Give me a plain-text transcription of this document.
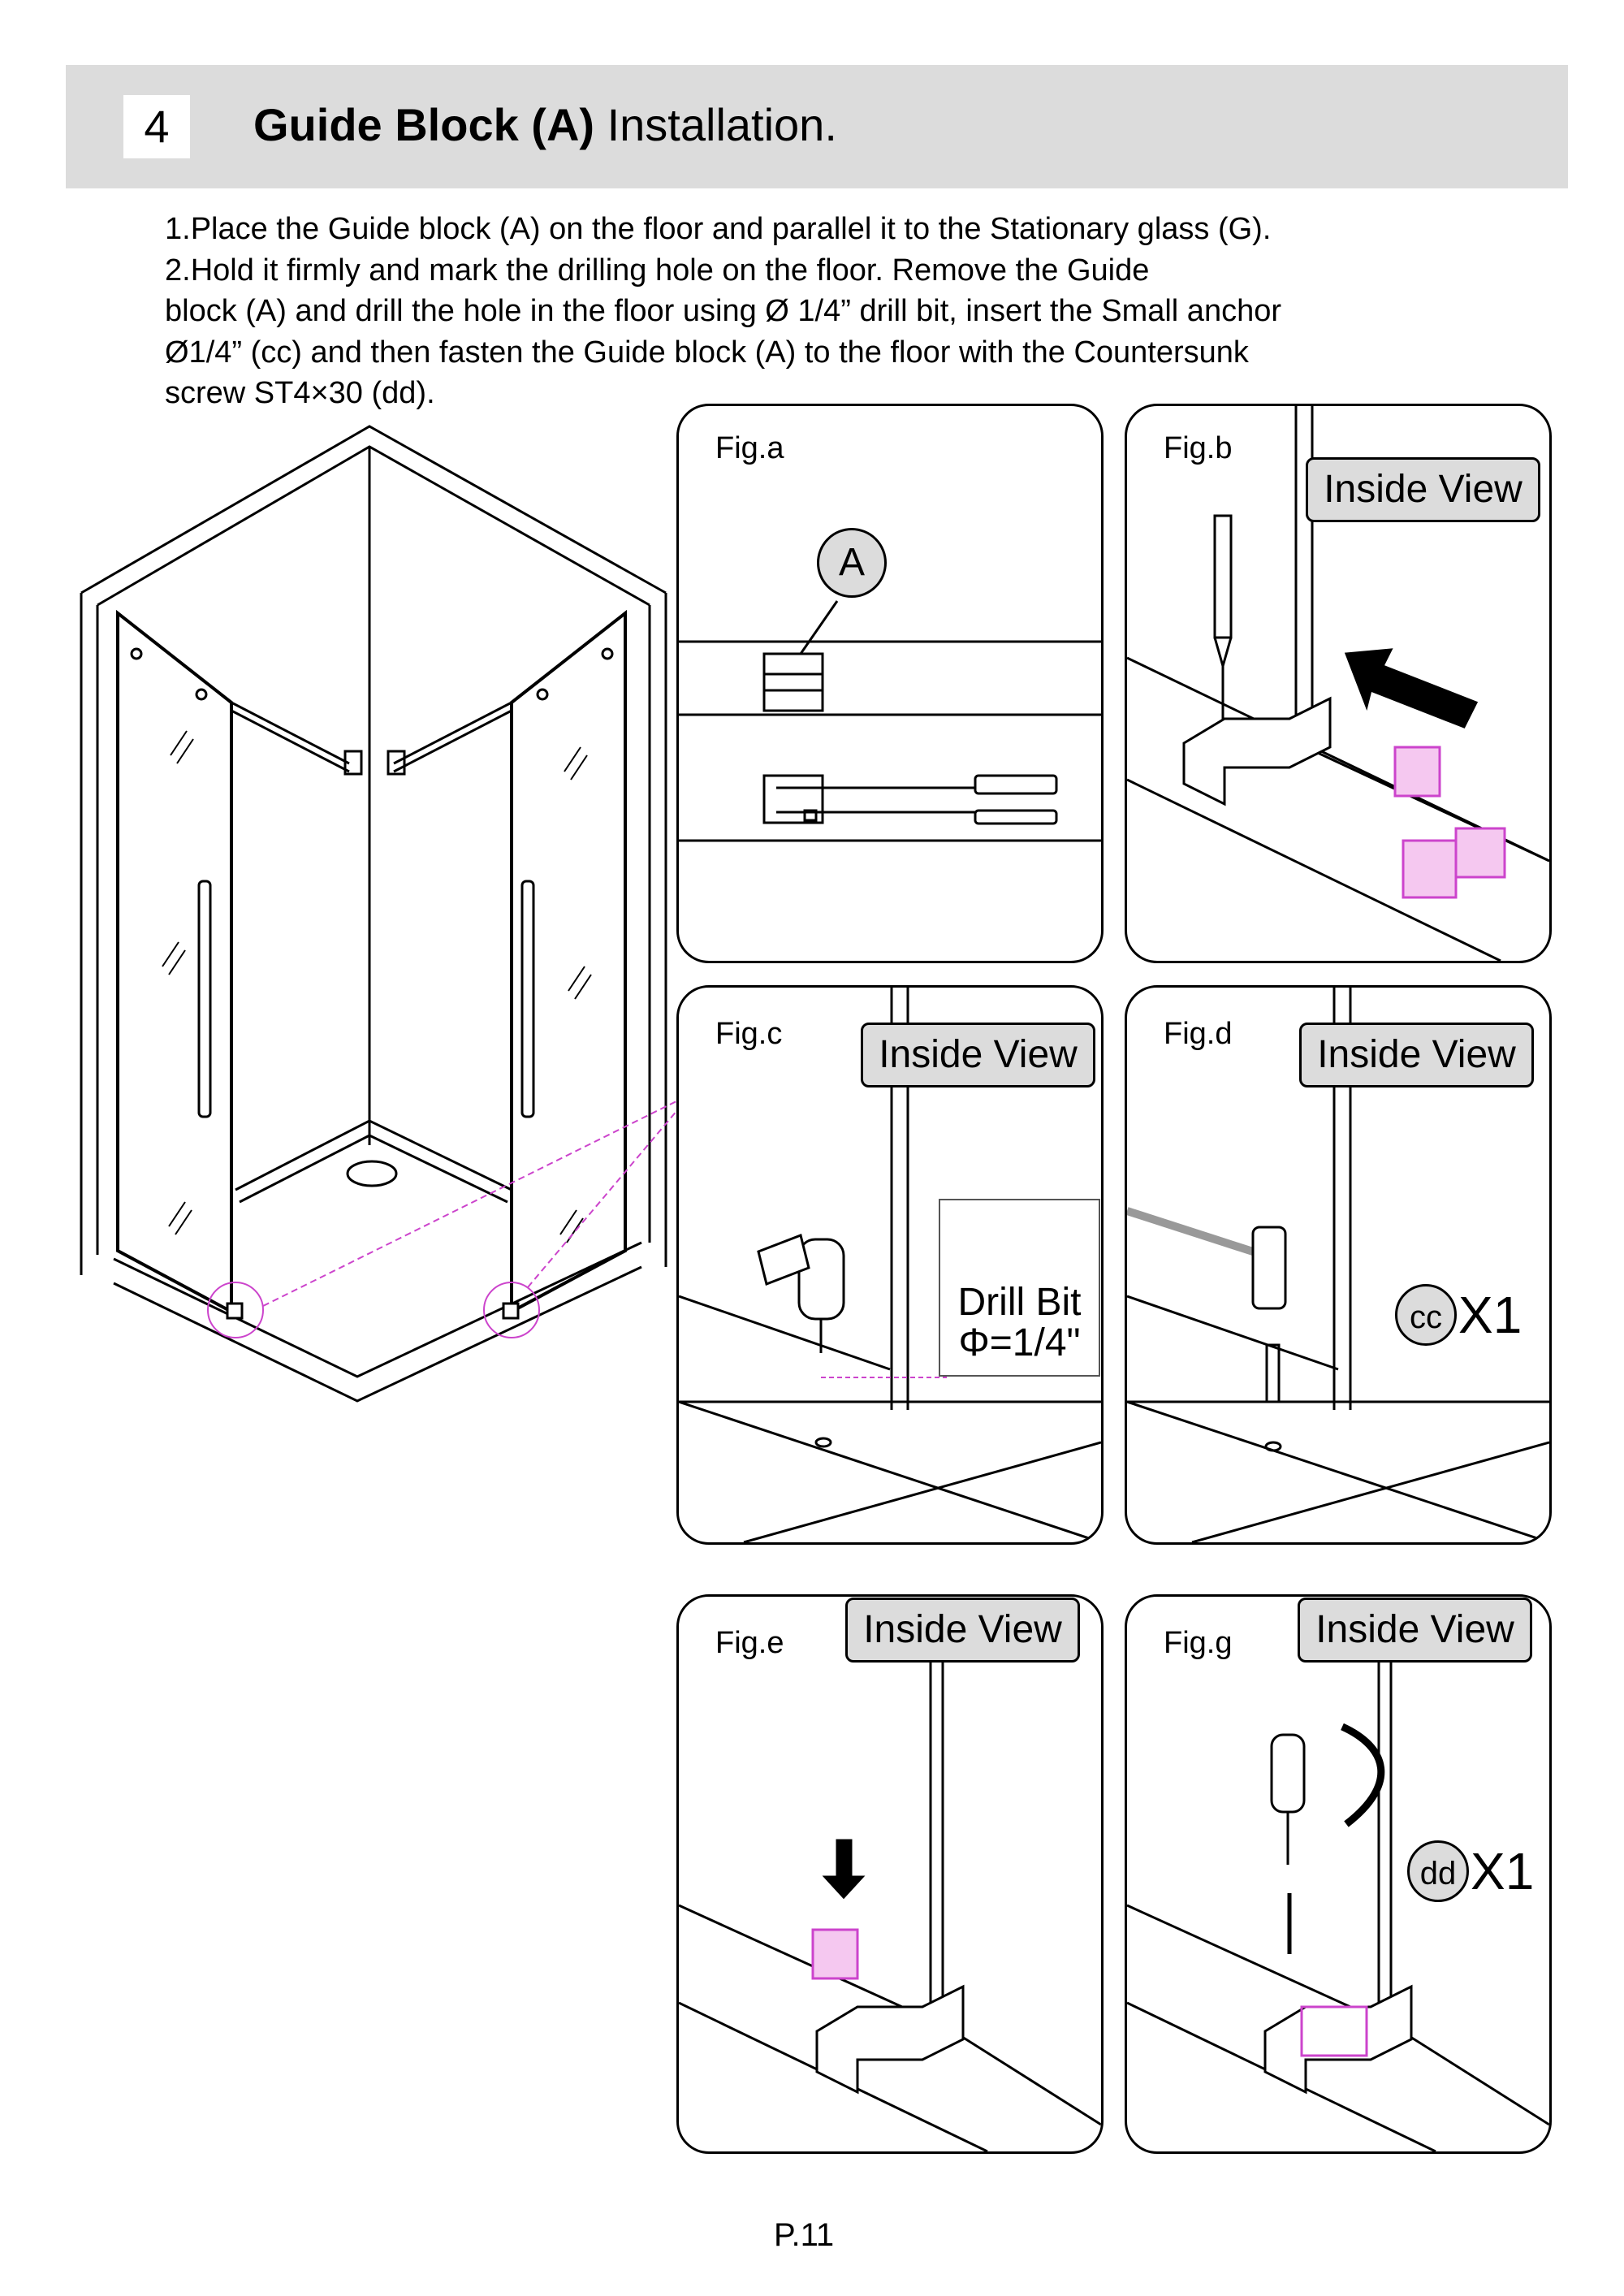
4	Guide Block (A) Installation.
1.Place the Guide block (A) on the floor and parallel it to the Stationary glass (G).
2.Hold it firmly and mark the drilling hole on the floor. Remove the Guide
block (A) and drill the hole in the floor using Ø 1/4” drill bit, insert the Small anchor
Ø1/4” (cc) and then fasten the Guide block (A) to the floor with the Countersunk
screw ST4×30 (dd).
Fig.a
A
Fig.b
Inside View
Fig.c	Inside View
Drill Bit
Φ=1/4"
Fig.d	Inside View
cc X1
Fig.e	Inside View	Fig.g	Inside View
dd X1
P.11
